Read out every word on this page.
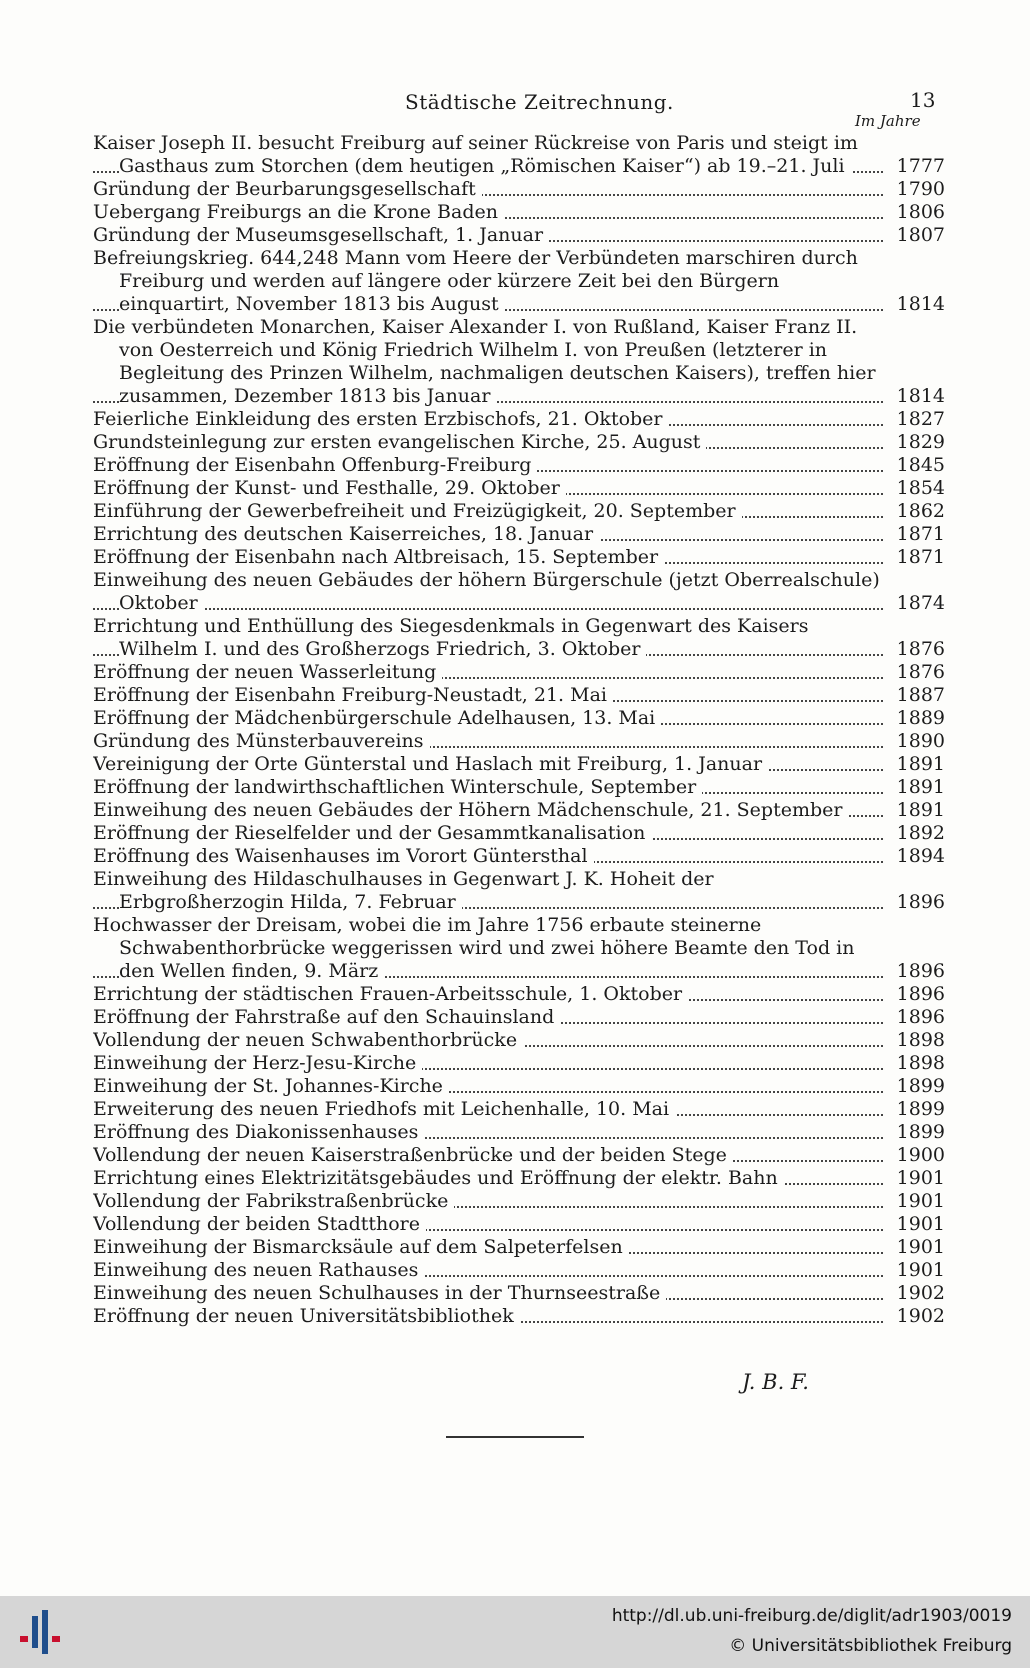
Städtische Zeitrechnung.	13
Im Jahre
Kaiser Joseph II. besucht Freiburg auf seiner Rückreise von Paris und steigt im Gasthaus zum Storchen (dem heutigen „Römischen Kaiser“) ab 19.–21. Juli	1777
Gründung der Beurbarungsgesellschaft	1790
Uebergang Freiburgs an die Krone Baden	1806
Gründung der Museumsgesellschaft, 1. Januar	1807
Befreiungskrieg. 644,248 Mann vom Heere der Verbündeten marschiren durch Freiburg und werden auf längere oder kürzere Zeit bei den Bürgern einquartirt, November 1813 bis August	1814
Die verbündeten Monarchen, Kaiser Alexander I. von Rußland, Kaiser Franz II. von Oesterreich und König Friedrich Wilhelm I. von Preußen (letzterer in Begleitung des Prinzen Wilhelm, nachmaligen deutschen Kaisers), treffen hier zusammen, Dezember 1813 bis Januar	1814
Feierliche Einkleidung des ersten Erzbischofs, 21. Oktober	1827
Grundsteinlegung zur ersten evangelischen Kirche, 25. August	1829
Eröffnung der Eisenbahn Offenburg-Freiburg	1845
Eröffnung der Kunst- und Festhalle, 29. Oktober	1854
Einführung der Gewerbefreiheit und Freizügigkeit, 20. September	1862
Errichtung des deutschen Kaiserreiches, 18. Januar	1871
Eröffnung der Eisenbahn nach Altbreisach, 15. September	1871
Einweihung des neuen Gebäudes der höhern Bürgerschule (jetzt Oberrealschule) Oktober	1874
Errichtung und Enthüllung des Siegesdenkmals in Gegenwart des Kaisers Wilhelm I. und des Großherzogs Friedrich, 3. Oktober	1876
Eröffnung der neuen Wasserleitung	1876
Eröffnung der Eisenbahn Freiburg-Neustadt, 21. Mai	1887
Eröffnung der Mädchenbürgerschule Adelhausen, 13. Mai	1889
Gründung des Münsterbauvereins	1890
Vereinigung der Orte Günterstal und Haslach mit Freiburg, 1. Januar	1891
Eröffnung der landwirthschaftlichen Winterschule, September	1891
Einweihung des neuen Gebäudes der Höhern Mädchenschule, 21. September	1891
Eröffnung der Rieselfelder und der Gesammtkanalisation	1892
Eröffnung des Waisenhauses im Vorort Güntersthal	1894
Einweihung des Hildaschulhauses in Gegenwart J. K. Hoheit der Erbgroßherzogin Hilda, 7. Februar	1896
Hochwasser der Dreisam, wobei die im Jahre 1756 erbaute steinerne Schwabenthorbrücke weggerissen wird und zwei höhere Beamte den Tod in den Wellen finden, 9. März	1896
Errichtung der städtischen Frauen-Arbeitsschule, 1. Oktober	1896
Eröffnung der Fahrstraße auf den Schauinsland	1896
Vollendung der neuen Schwabenthorbrücke	1898
Einweihung der Herz-Jesu-Kirche	1898
Einweihung der St. Johannes-Kirche	1899
Erweiterung des neuen Friedhofs mit Leichenhalle, 10. Mai	1899
Eröffnung des Diakonissenhauses	1899
Vollendung der neuen Kaiserstraßenbrücke und der beiden Stege	1900
Errichtung eines Elektrizitätsgebäudes und Eröffnung der elektr. Bahn	1901
Vollendung der Fabrikstraßenbrücke	1901
Vollendung der beiden Stadtthore	1901
Einweihung der Bismarcksäule auf dem Salpeterfelsen	1901
Einweihung des neuen Rathauses	1901
Einweihung des neuen Schulhauses in der Thurnseestraße	1902
Eröffnung der neuen Universitätsbibliothek	1902
J. B. F.
http://dl.ub.uni-freiburg.de/diglit/adr1903/0019
© Universitätsbibliothek Freiburg
